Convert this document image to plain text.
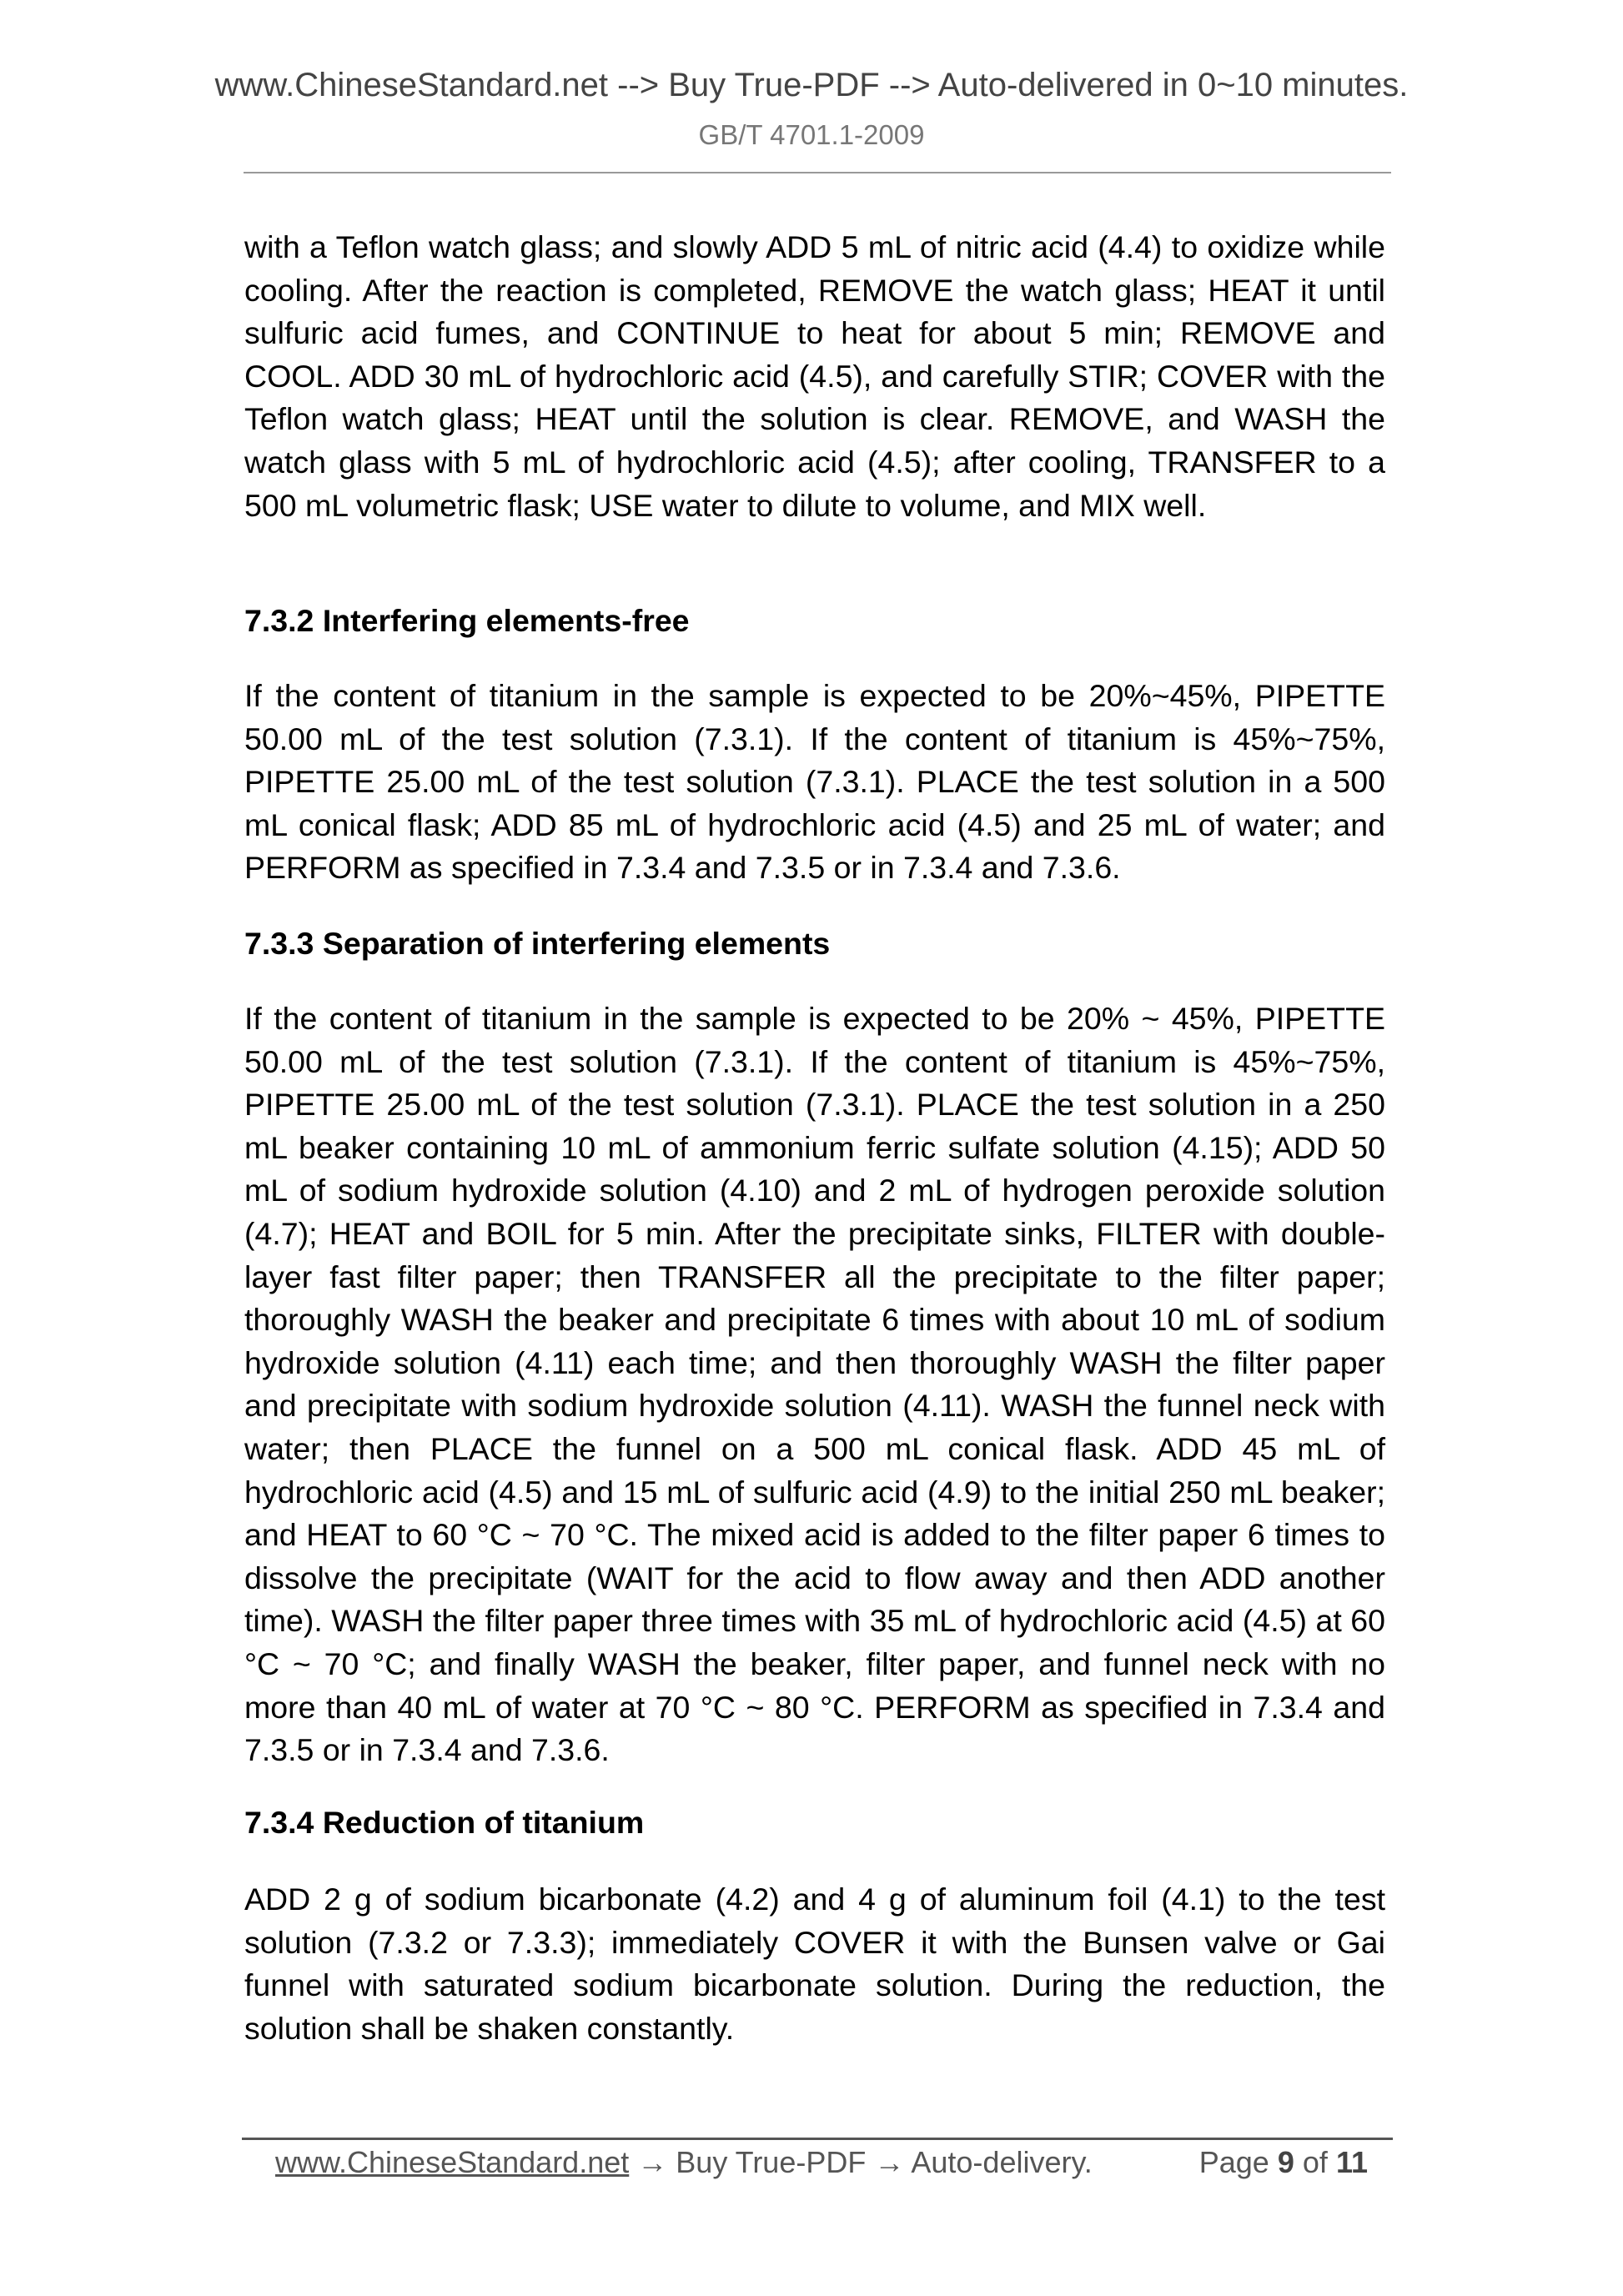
www.ChineseStandard.net --> Buy True-PDF --> Auto-delivered in 0~10 minutes.
GB/T 4701.1-2009

with a Teflon watch glass; and slowly ADD 5 mL of nitric acid (4.4) to oxidize while cooling. After the reaction is completed, REMOVE the watch glass; HEAT it until sulfuric acid fumes, and CONTINUE to heat for about 5 min; REMOVE and COOL. ADD 30 mL of hydrochloric acid (4.5), and carefully STIR; COVER with the Teflon watch glass; HEAT until the solution is clear. REMOVE, and WASH the watch glass with 5 mL of hydrochloric acid (4.5); after cooling, TRANSFER to a 500 mL volumetric flask; USE water to dilute to volume, and MIX well.

7.3.2 Interfering elements-free

If the content of titanium in the sample is expected to be 20%~45%, PIPETTE 50.00 mL of the test solution (7.3.1). If the content of titanium is 45%~75%, PIPETTE 25.00 mL of the test solution (7.3.1). PLACE the test solution in a 500 mL conical flask; ADD 85 mL of hydrochloric acid (4.5) and 25 mL of water; and PERFORM as specified in 7.3.4 and 7.3.5 or in 7.3.4 and 7.3.6.

7.3.3 Separation of interfering elements

If the content of titanium in the sample is expected to be 20% ~ 45%, PIPETTE 50.00 mL of the test solution (7.3.1). If the content of titanium is 45%~75%, PIPETTE 25.00 mL of the test solution (7.3.1). PLACE the test solution in a 250 mL beaker containing 10 mL of ammonium ferric sulfate solution (4.15); ADD 50 mL of sodium hydroxide solution (4.10) and 2 mL of hydrogen peroxide solution (4.7); HEAT and BOIL for 5 min. After the precipitate sinks, FILTER with double-layer fast filter paper; then TRANSFER all the precipitate to the filter paper; thoroughly WASH the beaker and precipitate 6 times with about 10 mL of sodium hydroxide solution (4.11) each time; and then thoroughly WASH the filter paper and precipitate with sodium hydroxide solution (4.11). WASH the funnel neck with water; then PLACE the funnel on a 500 mL conical flask. ADD 45 mL of hydrochloric acid (4.5) and 15 mL of sulfuric acid (4.9) to the initial 250 mL beaker; and HEAT to 60 °C ~ 70 °C. The mixed acid is added to the filter paper 6 times to dissolve the precipitate (WAIT for the acid to flow away and then ADD another time). WASH the filter paper three times with 35 mL of hydrochloric acid (4.5) at 60 °C ~ 70 °C; and finally WASH the beaker, filter paper, and funnel neck with no more than 40 mL of water at 70 °C ~ 80 °C. PERFORM as specified in 7.3.4 and 7.3.5 or in 7.3.4 and 7.3.6.

7.3.4 Reduction of titanium

ADD 2 g of sodium bicarbonate (4.2) and 4 g of aluminum foil (4.1) to the test solution (7.3.2 or 7.3.3); immediately COVER it with the Bunsen valve or Gai funnel with saturated sodium bicarbonate solution. During the reduction, the solution shall be shaken constantly.

www.ChineseStandard.net → Buy True-PDF → Auto-delivery.	Page 9 of 11
